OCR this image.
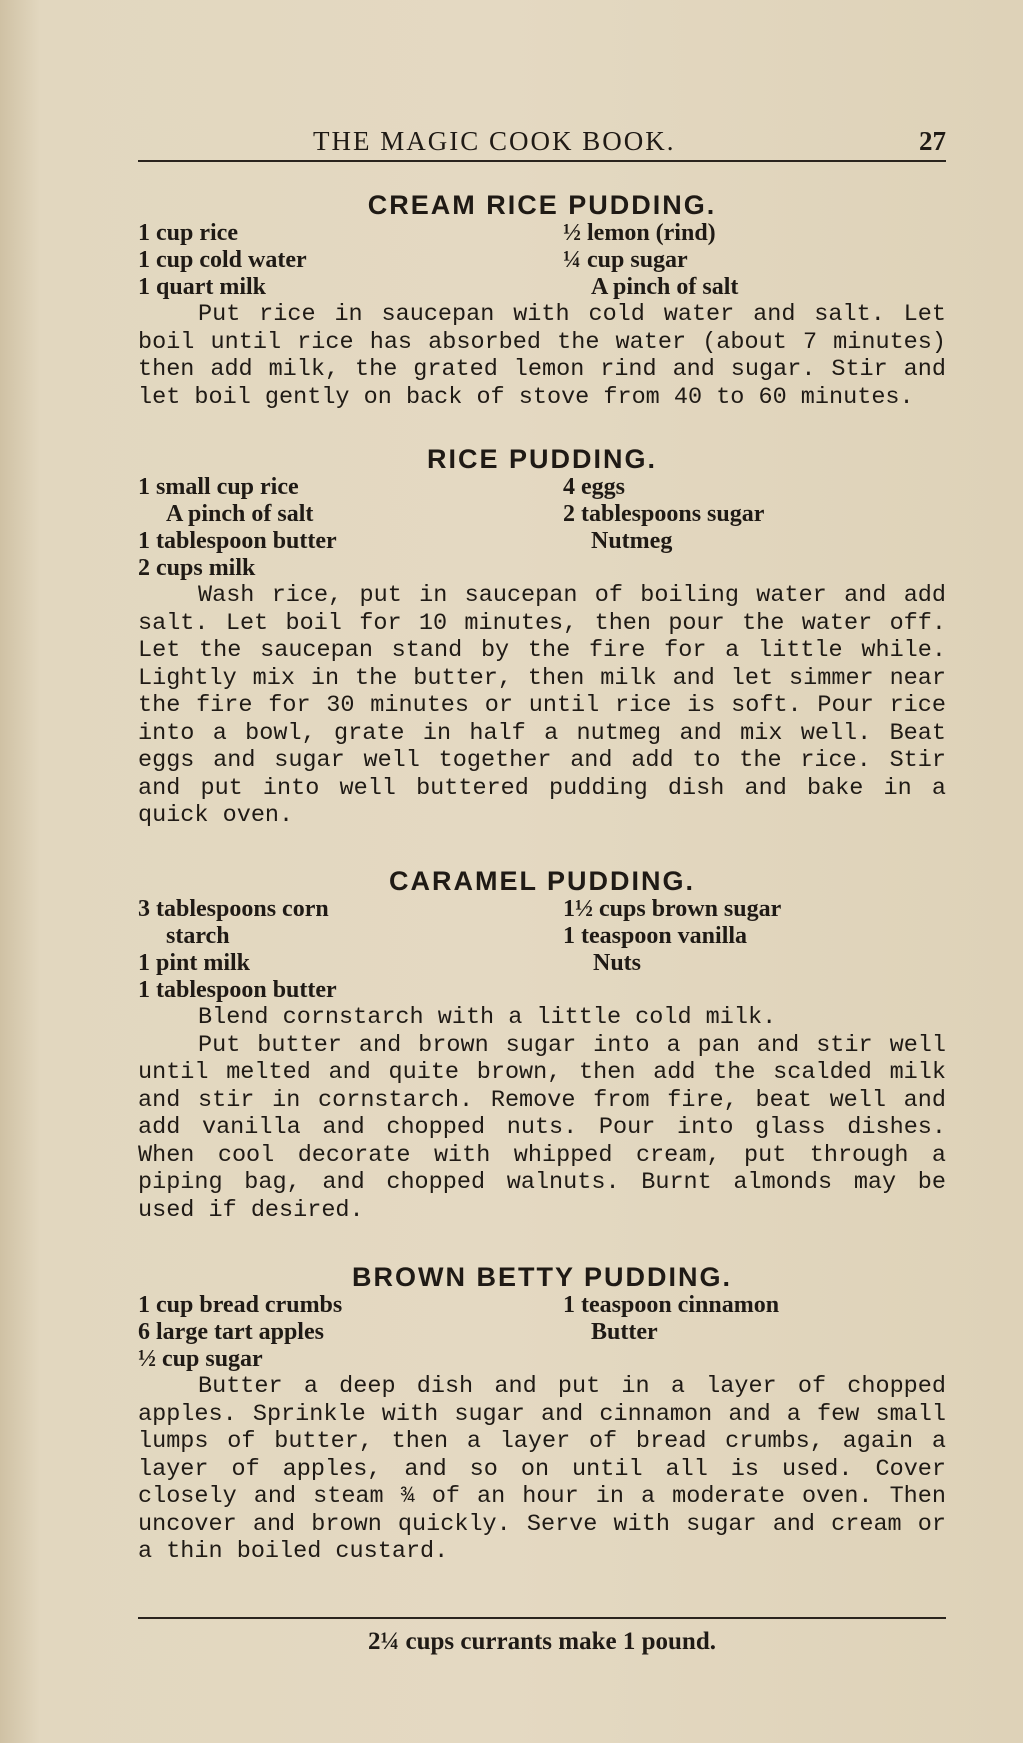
THE MAGIC COOK BOOK.	27
CREAM RICE PUDDING.
1 cup rice
1 cup cold water
1 quart milk
½ lemon (rind)
¼ cup sugar
A pinch of salt

Put rice in saucepan with cold water and salt. Let boil until rice has absorbed the water (about 7 minutes) then add milk, the grated lemon rind and sugar. Stir and let boil gently on back of stove from 40 to 60 minutes.

RICE PUDDING.
1 small cup rice
A pinch of salt
1 tablespoon butter
2 cups milk
4 eggs
2 tablespoons sugar
Nutmeg

Wash rice, put in saucepan of boiling water and add salt. Let boil for 10 minutes, then pour the water off. Let the saucepan stand by the fire for a little while. Lightly mix in the butter, then milk and let simmer near the fire for 30 minutes or until rice is soft. Pour rice into a bowl, grate in half a nutmeg and mix well. Beat eggs and sugar well together and add to the rice. Stir and put into well buttered pudding dish and bake in a quick oven.

CARAMEL PUDDING.
3 tablespoons corn
starch
1 pint milk
1 tablespoon butter
1½ cups brown sugar
1 teaspoon vanilla
Nuts

Blend cornstarch with a little cold milk.

Put butter and brown sugar into a pan and stir well until melted and quite brown, then add the scalded milk and stir in cornstarch. Remove from fire, beat well and add vanilla and chopped nuts. Pour into glass dishes. When cool decorate with whipped cream, put through a piping bag, and chopped walnuts. Burnt almonds may be used if desired.

BROWN BETTY PUDDING.
1 cup bread crumbs
6 large tart apples
½ cup sugar
1 teaspoon cinnamon
Butter

Butter a deep dish and put in a layer of chopped apples. Sprinkle with sugar and cinnamon and a few small lumps of butter, then a layer of bread crumbs, again a layer of apples, and so on until all is used. Cover closely and steam ¾ of an hour in a moderate oven. Then uncover and brown quickly. Serve with sugar and cream or a thin boiled custard.

2¼ cups currants make 1 pound.
